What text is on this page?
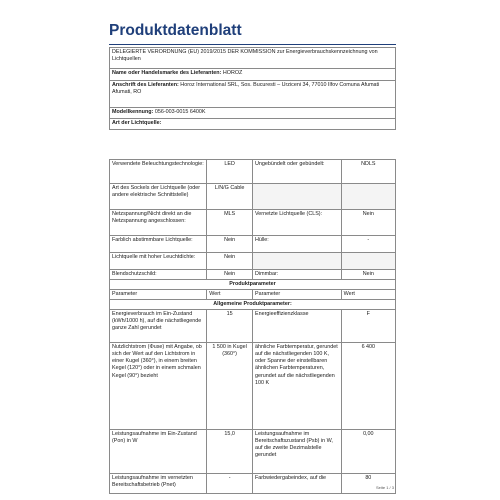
Produktdatenblatt
DELEGIERTE VERORDNUNG (EU) 2019/2015 DER KOMMISSION zur Energieverbrauchskennzeichnung von Lichtquellen
Name oder Handelsmarke des Lieferanten: HOROZ
Anschrift des Lieferanten: Horoz International SRL, Sos. Bucuresti – Urziceni 34, 77010 Ilfov Comuna Afumati Afumati, RO
Modellkennung: 056-003-0015 6400K
Art der Lichtquelle:
Verwendete Beleuchtungstechnologie:	LED	Ungebündelt oder gebündelt:	NDLS
Art des Sockels der Lichtquelle (oder andere elektrische Schnittstelle)	L/N/G Cable		
Netzspannung/Nicht direkt an die Netzspannung angeschlossen:	MLS	Vernetzte Lichtquelle (CLS):	Nein
Farblich abstimmbare Lichtquelle:	Nein	Hülle:	-
Lichtquelle mit hoher Leuchtdichte:	Nein		
Blendschutzschild:	Nein	Dimmbar:	Nein
Produktparameter			
Parameter	Wert	Parameter	Wert
Allgemeine Produktparameter:			
Energieverbrauch im Ein-Zustand (kWh/1000 h), auf die nächstliegende ganze Zahl gerundet	15	Energieeffizienzklasse	F
Nutzlichtstrom (Φuse) mit Angabe, ob sich der Wert auf den Lichtstrom in einer Kugel (360°), in einem breiten Kegel (120°) oder in einem schmalen Kegel (90°) bezieht	1 500 in Kugel (360°)	ähnliche Farbtemperatur, gerundet auf die nächstliegenden 100 K, oder Spanne der einstellbaren ähnlichen Farbtemperaturen, gerundet auf die nächstliegenden 100 K	6 400
Leistungsaufnahme im Ein-Zustand (Pon) in W	15,0	Leistungsaufnahme im Bereitschaftszustand (Psb) in W, auf die zweite Dezimalstelle gerundet	0,00
Leistungsaufnahme im vernetzten Bereitschaftsbetrieb (Pnet)	-	Farbwiedergabeindex, auf die	80
Seite 1 / 3
